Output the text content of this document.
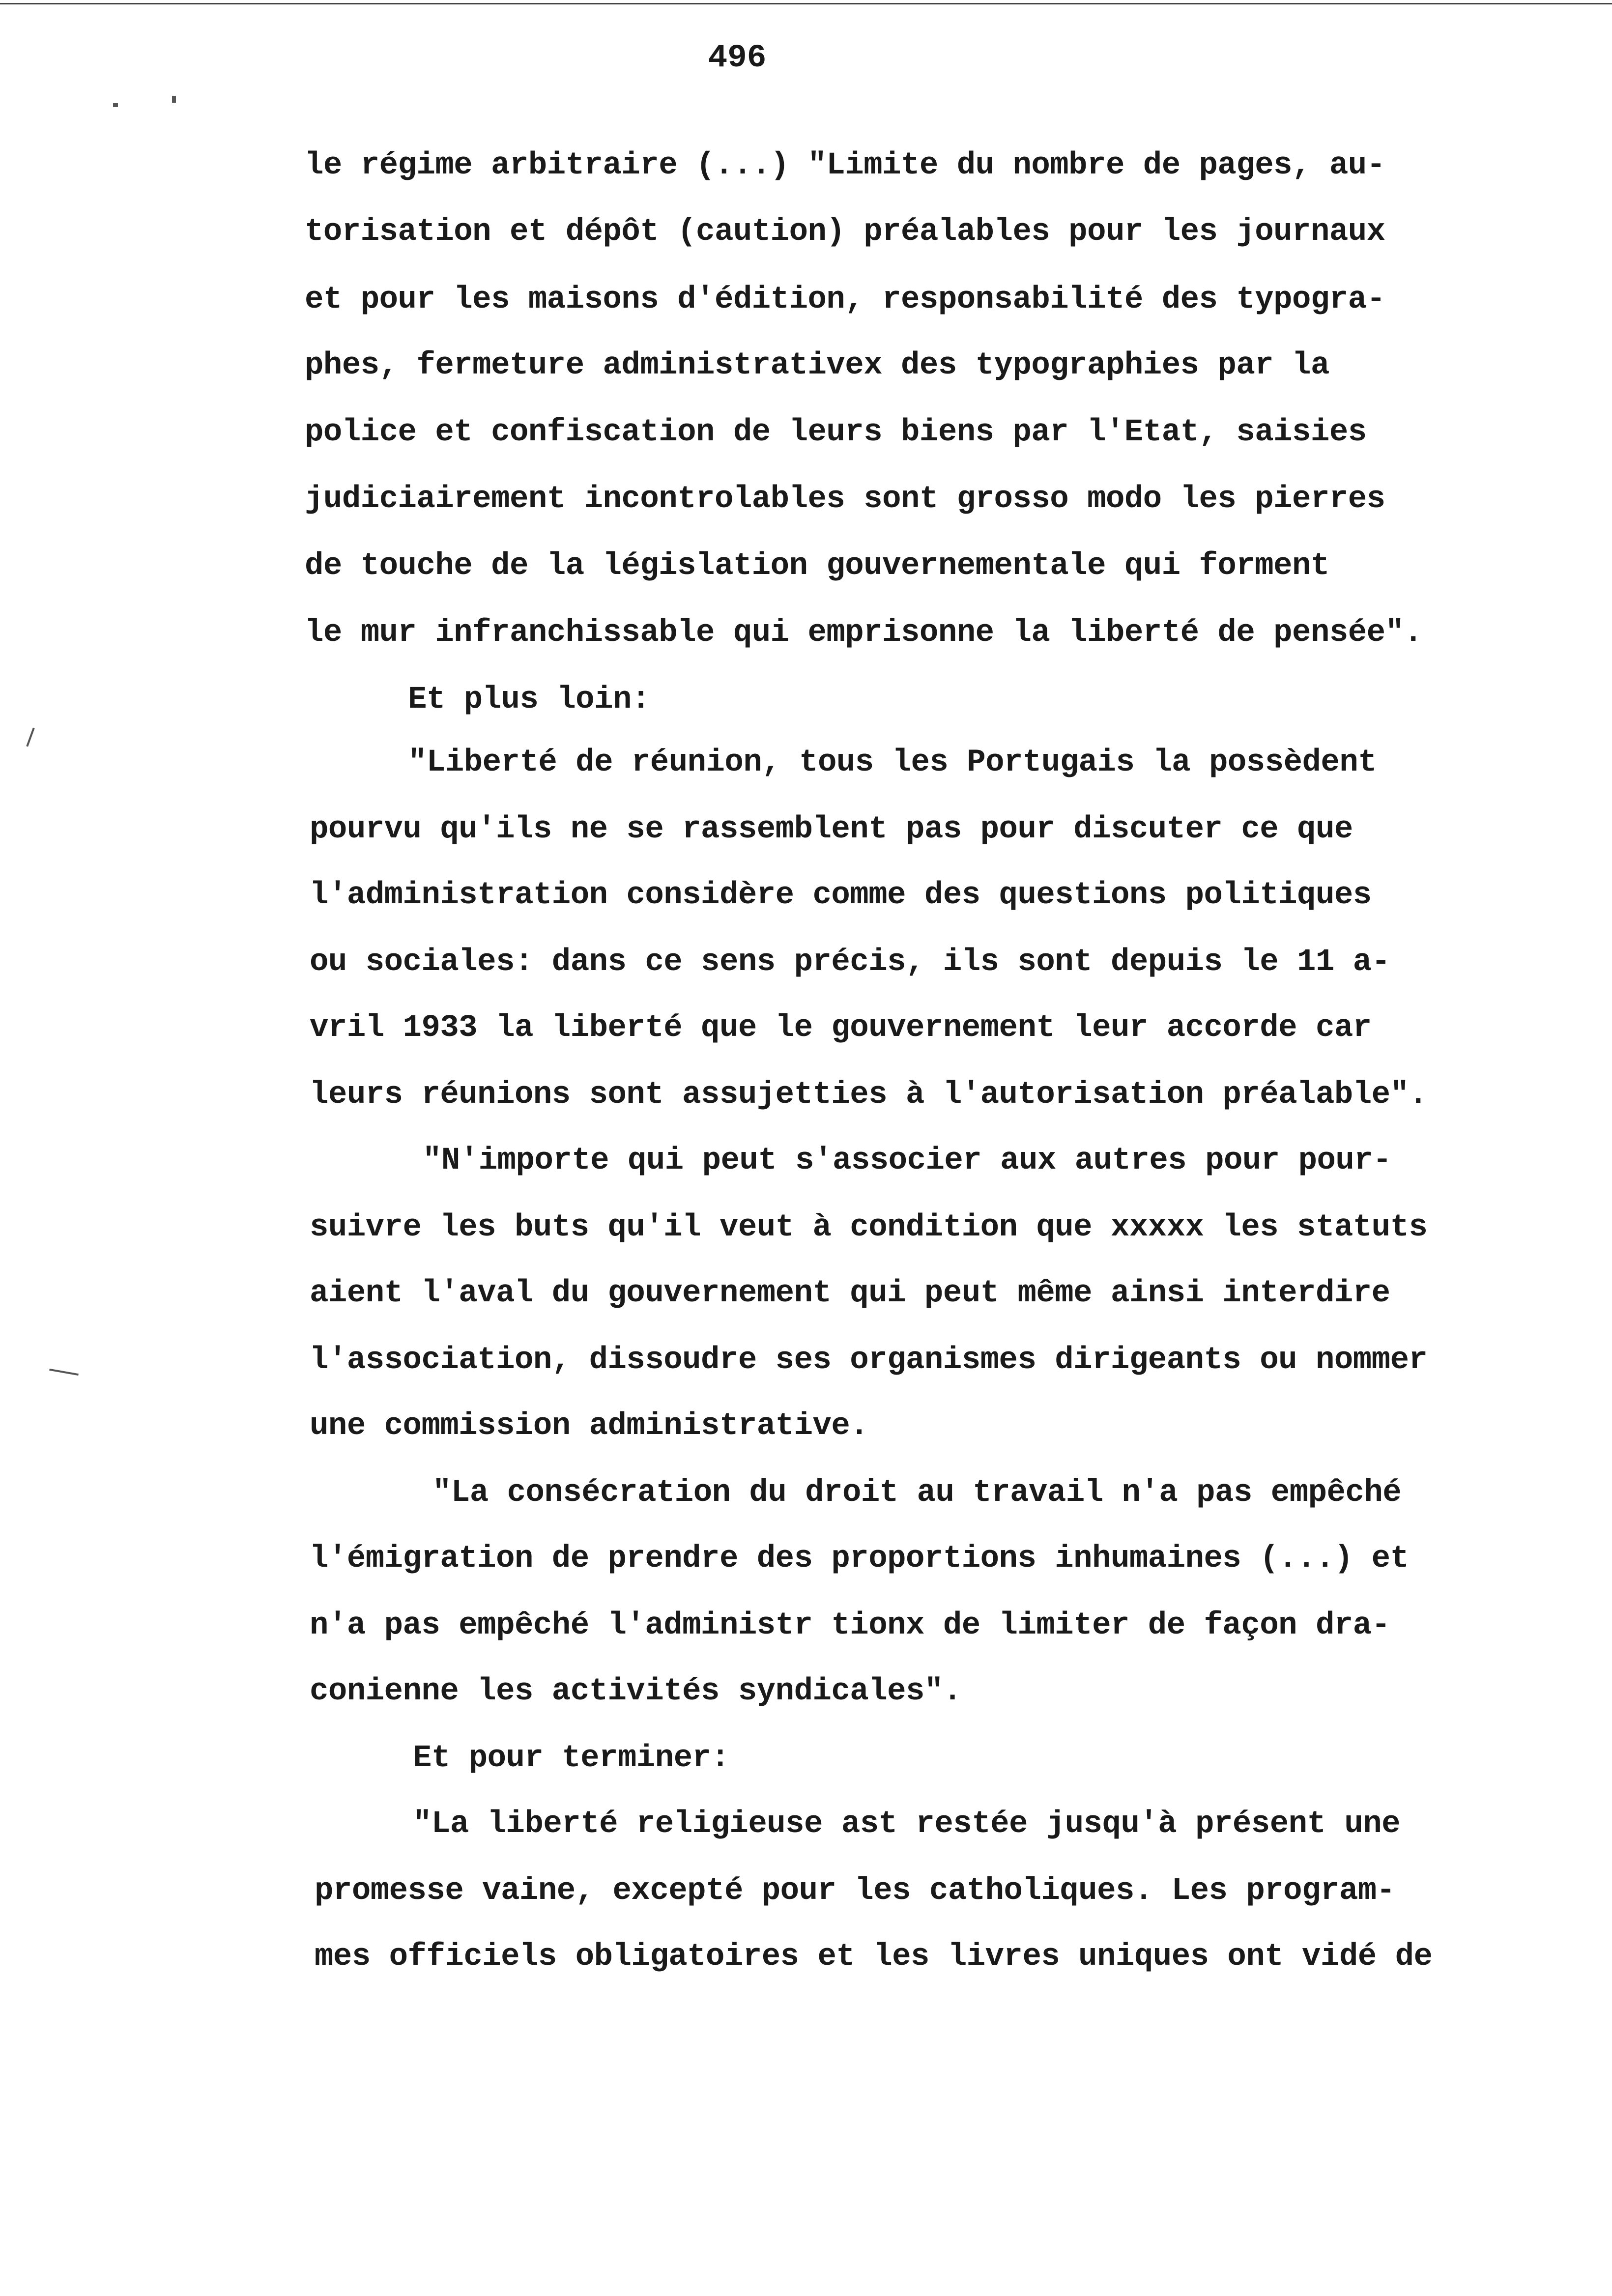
496
le régime arbitraire (...) "Limite du nombre de pages, au-
torisation et dépôt (caution) préalables pour les journaux
et pour les maisons d'édition, responsabilité des typogra-
phes, fermeture administrativex des typographies par la
police et confiscation de leurs biens par l'Etat, saisies
judiciairement incontrolables sont grosso modo les pierres
de touche de la législation gouvernementale qui forment
le mur infranchissable qui emprisonne la liberté de pensée".
Et plus loin:
"Liberté de réunion, tous les Portugais la possèdent
pourvu qu'ils ne se rassemblent pas pour discuter ce que
l'administration considère comme des questions politiques
ou sociales: dans ce sens précis, ils sont depuis le 11 a-
vril 1933 la liberté que le gouvernement leur accorde car
leurs réunions sont assujetties à l'autorisation préalable".
"N'importe qui peut s'associer aux autres pour pour-
suivre les buts qu'il veut à condition que xxxxx les statuts
aient l'aval du gouvernement qui peut même ainsi interdire
l'association, dissoudre ses organismes dirigeants ou nommer
une commission administrative.
"La consécration du droit au travail n'a pas empêché
l'émigration de prendre des proportions inhumaines (...) et
n'a pas empêché l'administr tionx de limiter de façon dra-
conienne les activités syndicales".
Et pour terminer:
"La liberté religieuse ast restée jusqu'à présent une
promesse vaine, excepté pour les catholiques. Les program-
mes officiels obligatoires et les livres uniques ont vidé de
